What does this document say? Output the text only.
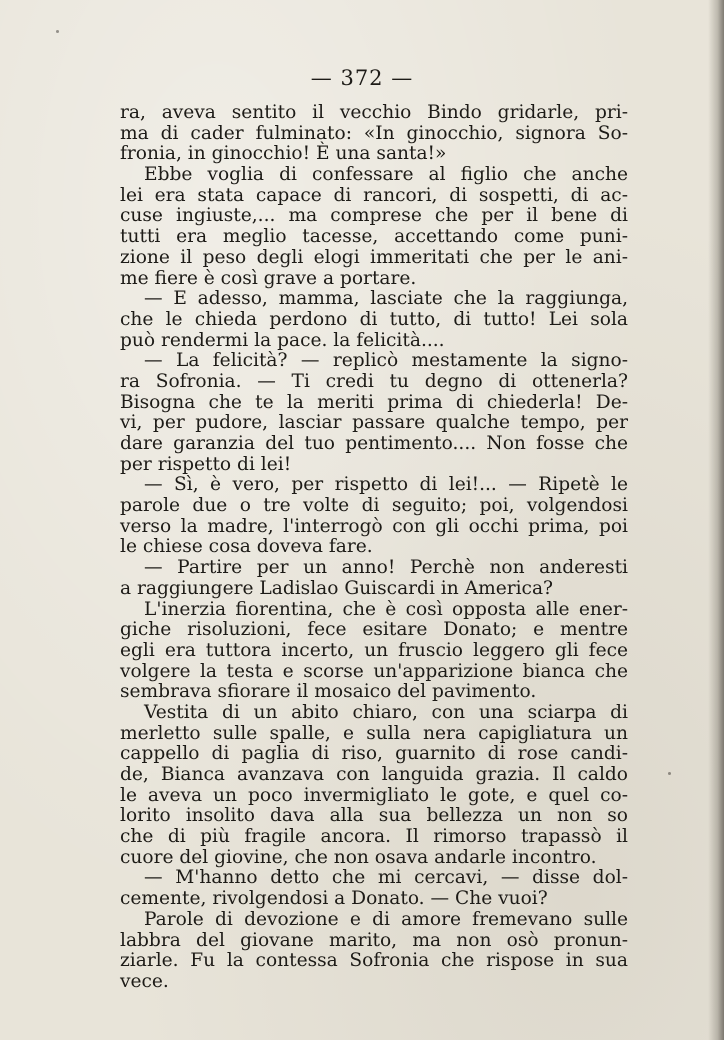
— 372 —
ra, aveva sentito il vecchio Bindo gridarle, pri-
ma di cader fulminato: «In ginocchio, signora So-
fronia, in ginocchio! È una santa!»
Ebbe voglia di confessare al figlio che anche
lei era stata capace di rancori, di sospetti, di ac-
cuse ingiuste,... ma comprese che per il bene di
tutti era meglio tacesse, accettando come puni-
zione il peso degli elogi immeritati che per le ani-
me fiere è così grave a portare.
— E adesso, mamma, lasciate che la raggiunga,
che le chieda perdono di tutto, di tutto! Lei sola
può rendermi la pace. la felicità....
— La felicità? — replicò mestamente la signo-
ra Sofronia. — Ti credi tu degno di ottenerla?
Bisogna che te la meriti prima di chiederla! De-
vi, per pudore, lasciar passare qualche tempo, per
dare garanzia del tuo pentimento.... Non fosse che
per rispetto di lei!
— Sì, è vero, per rispetto di lei!... — Ripetè le
parole due o tre volte di seguito; poi, volgendosi
verso la madre, l'interrogò con gli occhi prima, poi
le chiese cosa doveva fare.
— Partire per un anno! Perchè non anderesti
a raggiungere Ladislao Guiscardi in America?
L'inerzia fiorentina, che è così opposta alle ener-
giche risoluzioni, fece esitare Donato; e mentre
egli era tuttora incerto, un fruscio leggero gli fece
volgere la testa e scorse un'apparizione bianca che
sembrava sfiorare il mosaico del pavimento.
Vestita di un abito chiaro, con una sciarpa di
merletto sulle spalle, e sulla nera capigliatura un
cappello di paglia di riso, guarnito di rose candi-
de, Bianca avanzava con languida grazia. Il caldo
le aveva un poco invermigliato le gote, e quel co-
lorito insolito dava alla sua bellezza un non so
che di più fragile ancora. Il rimorso trapassò il
cuore del giovine, che non osava andarle incontro.
— M'hanno detto che mi cercavi, — disse dol-
cemente, rivolgendosi a Donato. — Che vuoi?
Parole di devozione e di amore fremevano sulle
labbra del giovane marito, ma non osò pronun-
ziarle. Fu la contessa Sofronia che rispose in sua
vece.
